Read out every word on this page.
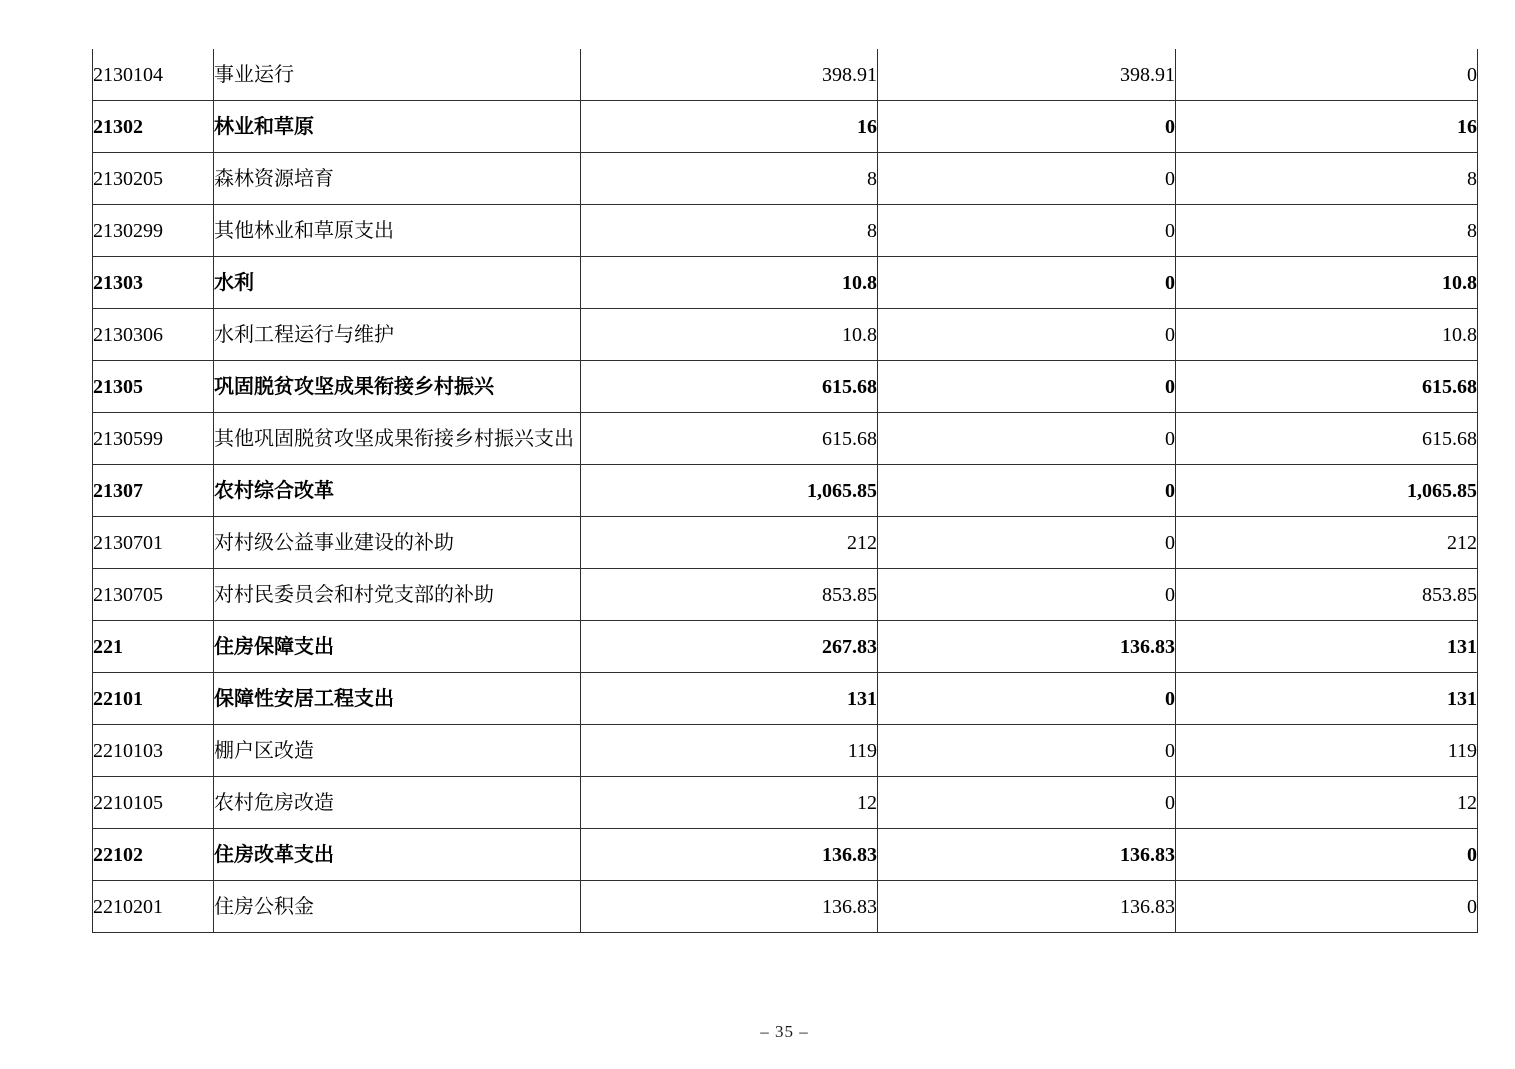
2130104	事业运行	398.91	398.91	0
21302	林业和草原	16	0	16
2130205	森林资源培育	8	0	8
2130299	其他林业和草原支出	8	0	8
21303	水利	10.8	0	10.8
2130306	水利工程运行与维护	10.8	0	10.8
21305	巩固脱贫攻坚成果衔接乡村振兴	615.68	0	615.68
2130599	其他巩固脱贫攻坚成果衔接乡村振兴支出	615.68	0	615.68
21307	农村综合改革	1,065.85	0	1,065.85
2130701	对村级公益事业建设的补助	212	0	212
2130705	对村民委员会和村党支部的补助	853.85	0	853.85
221	住房保障支出	267.83	136.83	131
22101	保障性安居工程支出	131	0	131
2210103	棚户区改造	119	0	119
2210105	农村危房改造	12	0	12
22102	住房改革支出	136.83	136.83	0
2210201	住房公积金	136.83	136.83	0
– 35 –
